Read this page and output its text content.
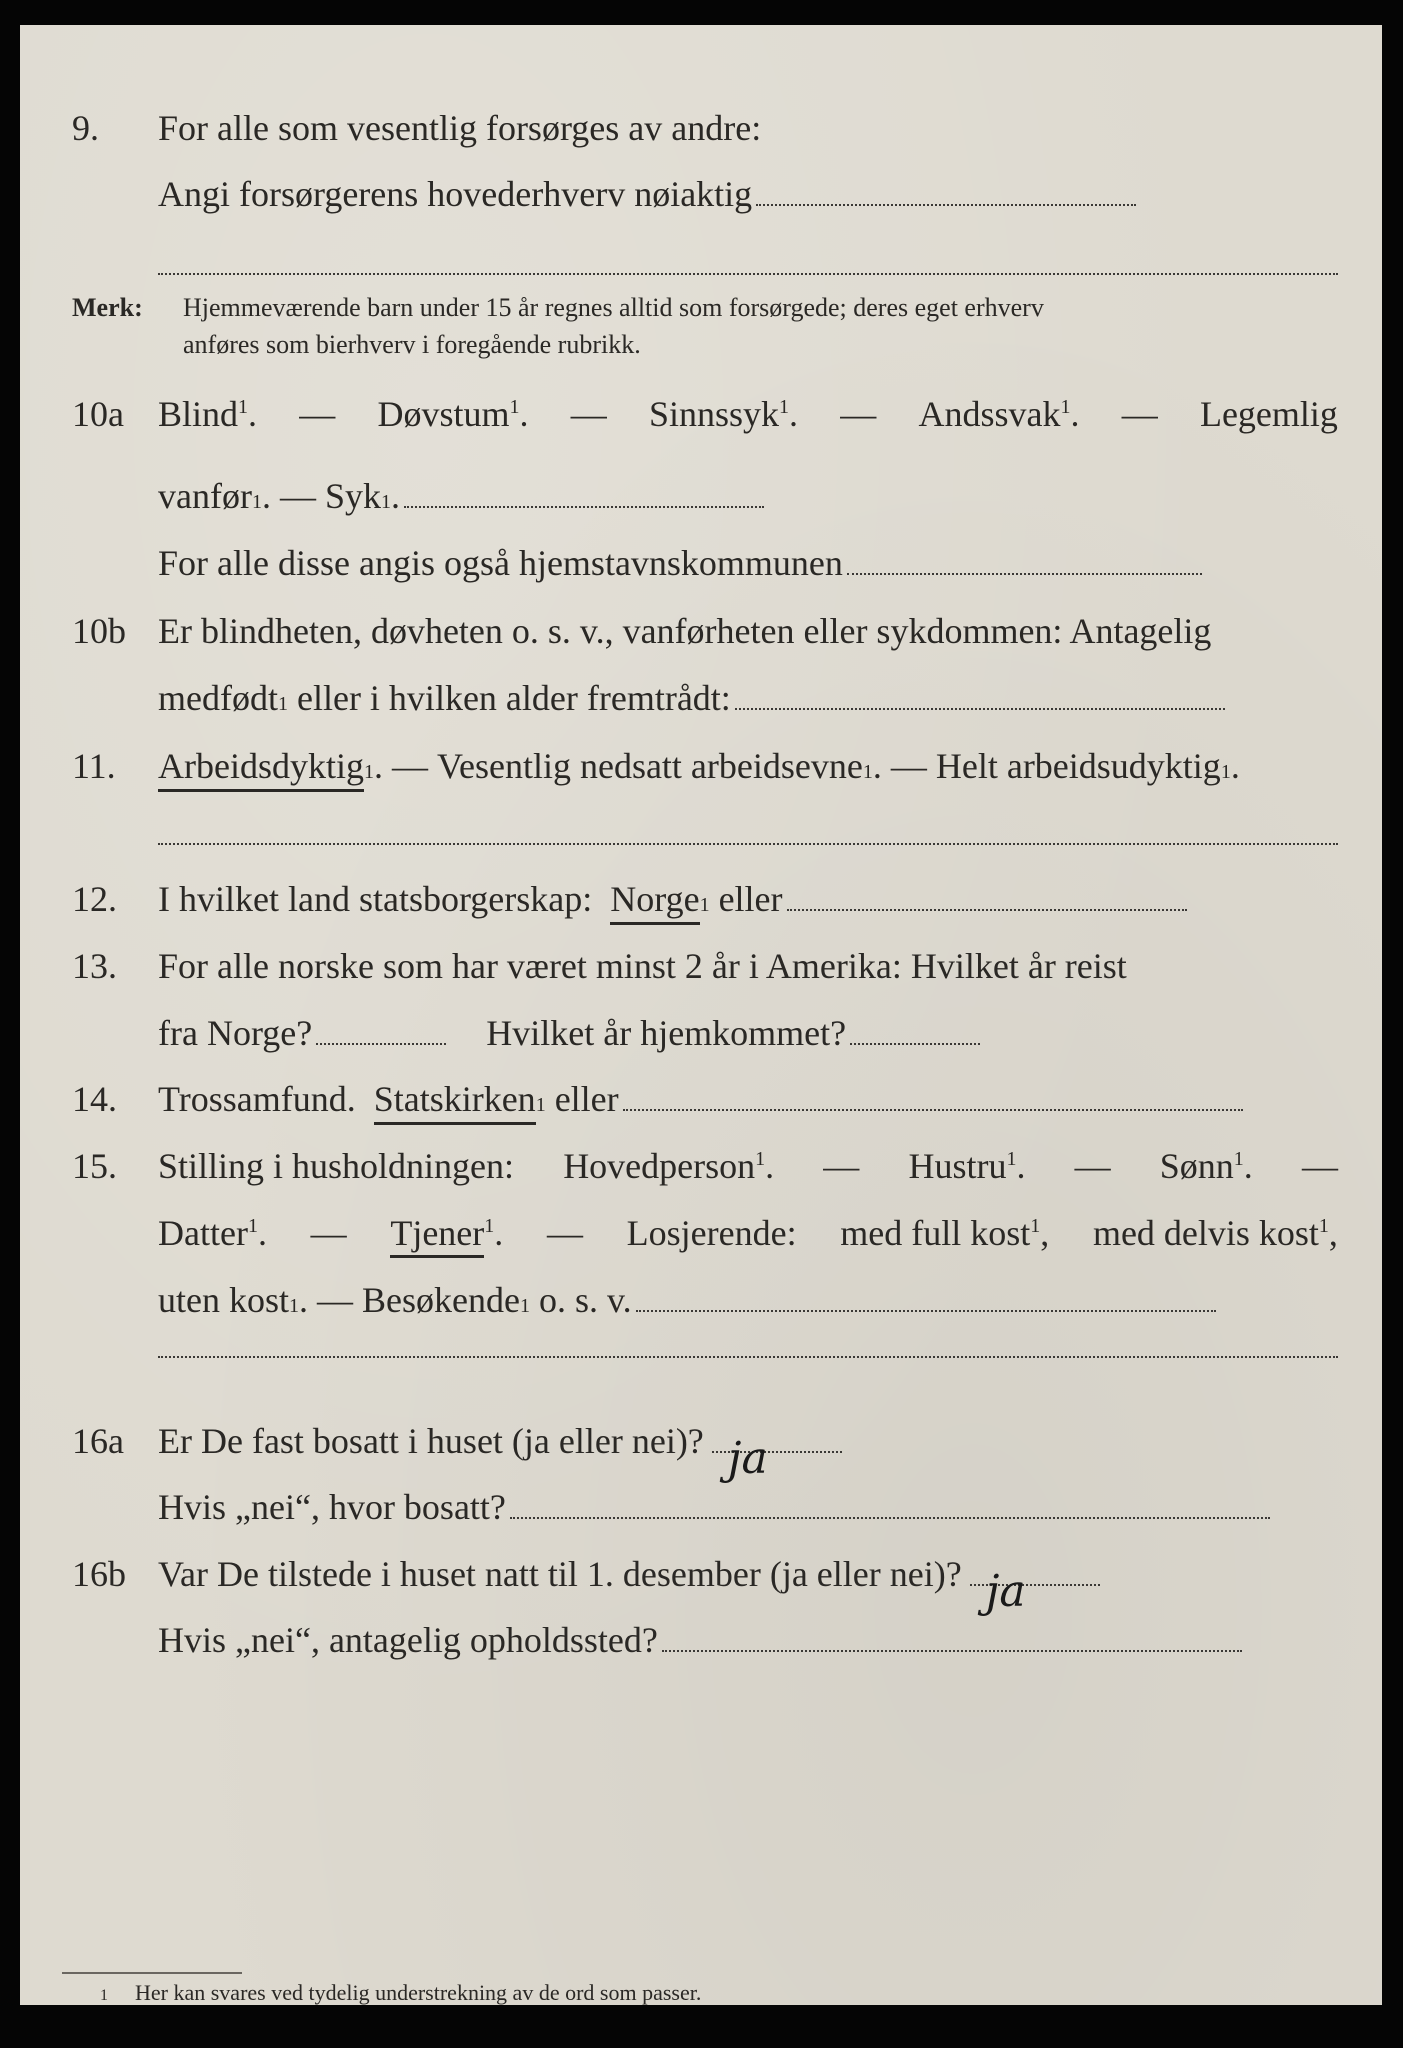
9. For alle som vesentlig forsørges av andre:
Angi forsørgerens hovederhverv nøiaktig
Merk: Hjemmeværende barn under 15 år regnes alltid som forsørgede; deres eget erhverv
anføres som bierhverv i foregående rubrikk.
10a Blind$^1$. — Døvstum$^1$. — Sinnssyk$^1$. — Andssvak$^1$. — Legemlig
vanfør 1 . —
Syk 1 .
For alle disse angis også hjemstavnskommunen
10b Er blindheten, døvheten o. s. v., vanførheten eller sykdommen: Antagelig
medfødt 1
eller i hvilken alder fremtrådt:
11. Arbeidsdyktig 1 . —
Vesentlig nedsatt arbeidsevne 1 . —
Helt arbeidsudyktig 1 .
12. I hvilket land statsborgerskap:
Norge 1
eller
13. For alle norske som har været minst 2 år i Amerika: Hvilket år reist
fra Norge?	Hvilket år hjemkommet?
14. Trossamfund.
Statskirken 1
eller
15. Stilling i husholdningen: Hovedperson$^1$. — Hustru$^1$. — Sønn$^1$. —
Datter$^1$. — Tjener$^1$. — Losjerende: med full kost$^1$, med delvis kost$^1$,
uten kost 1 . —
Besøkende 1
o. s. v.
16a Er De fast bosatt i huset (ja eller nei)? ja
Hvis „nei“, hvor bosatt?
16b Var De tilstede i huset natt til 1. desember (ja eller nei)? ja
Hvis „nei“, antagelig opholdssted?
1 Her kan svares ved tydelig understrekning av de ord som passer.
